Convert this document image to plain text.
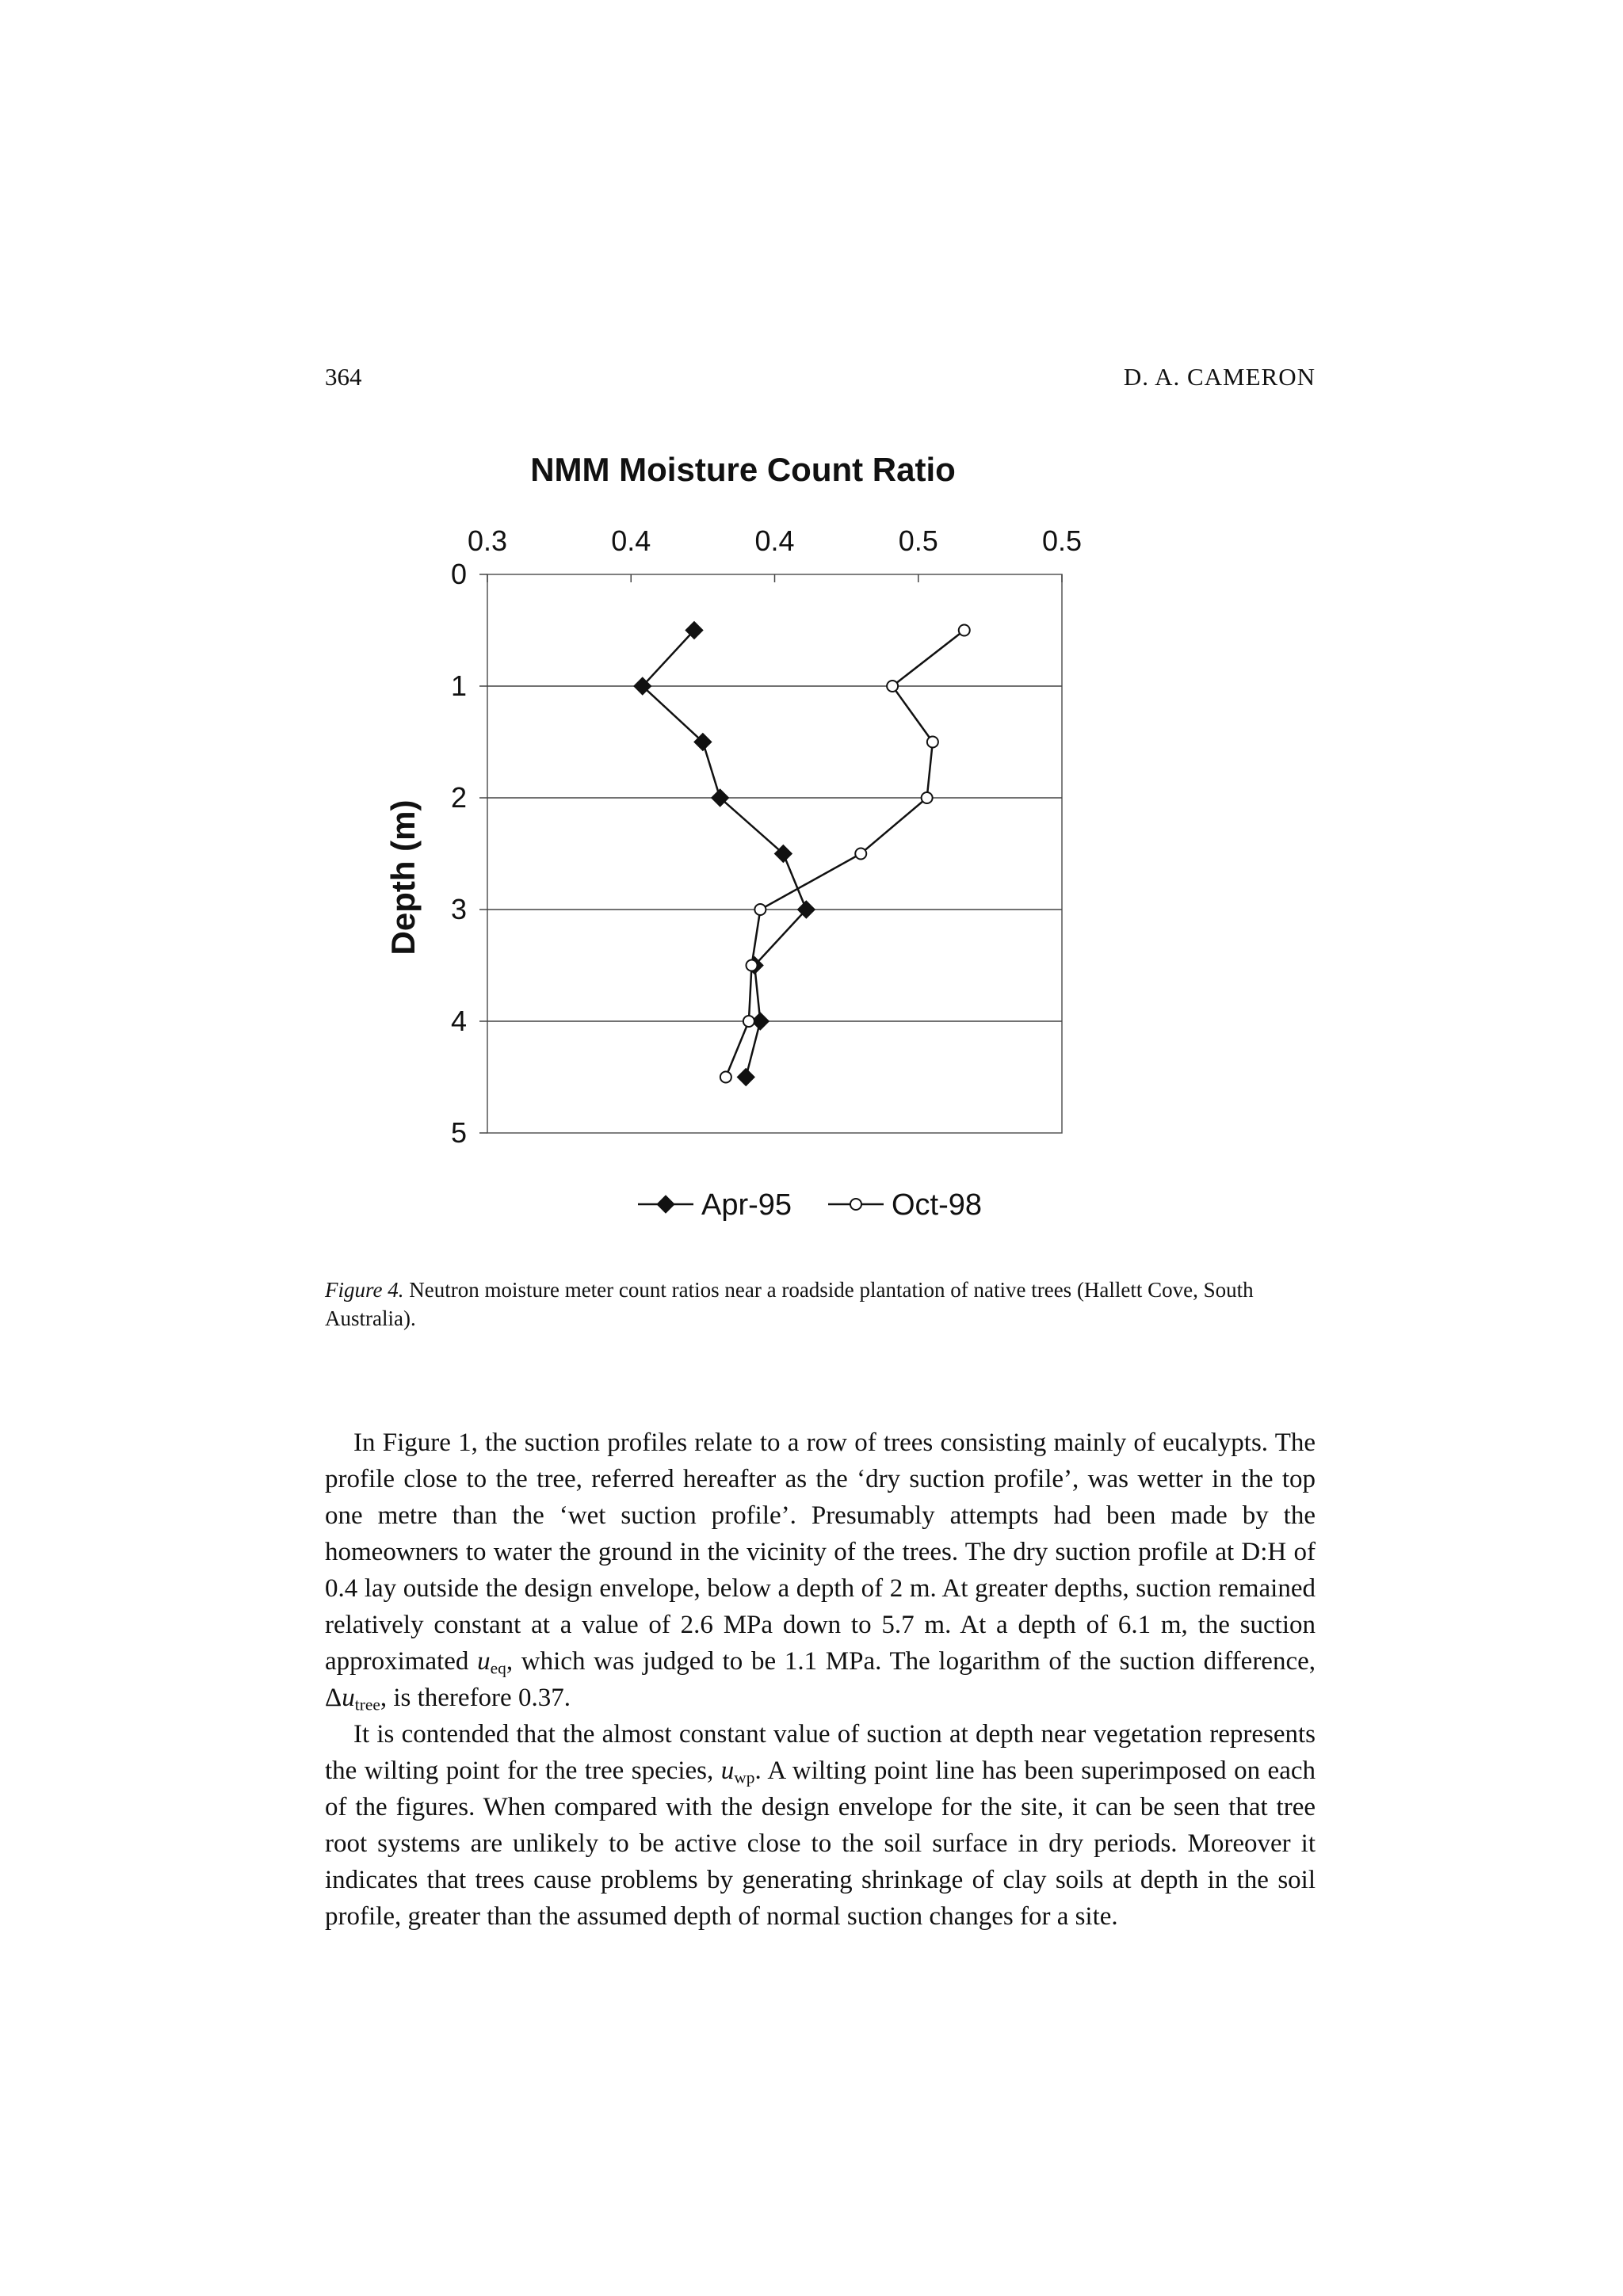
364	D. A. CAMERON
NMM Moisture Count Ratio
0
1
2
3
4
5
0.3	0.4	0.4	0.5	0.5
Depth (m)
Apr-95	Oct-98
Figure 4. Neutron moisture meter count ratios near a roadside plantation of native trees (Hallett Cove, South Australia).

In Figure 1, the suction profiles relate to a row of trees consisting mainly of eucalypts. The profile close to the tree, referred hereafter as the ‘dry suction profile’, was wetter in the top one metre than the ‘wet suction profile’. Presumably attempts had been made by the homeowners to water the ground in the vicinity of the trees. The dry suction profile at D:H of 0.4 lay outside the design envelope, below a depth of 2 m. At greater depths, suction remained relatively constant at a value of 2.6 MPa down to 5.7 m. At a depth of 6.1 m, the suction approximated $u_{eq}$, which was judged to be 1.1 MPa. The logarithm of the suction difference, $\Delta u_{tree}$, is therefore 0.37.

It is contended that the almost constant value of suction at depth near vegetation represents the wilting point for the tree species, $u_{wp}$. A wilting point line has been superimposed on each of the figures. When compared with the design envelope for the site, it can be seen that tree root systems are unlikely to be active close to the soil surface in dry periods. Moreover it indicates that trees cause problems by generating shrinkage of clay soils at depth in the soil profile, greater than the assumed depth of normal suction changes for a site.
